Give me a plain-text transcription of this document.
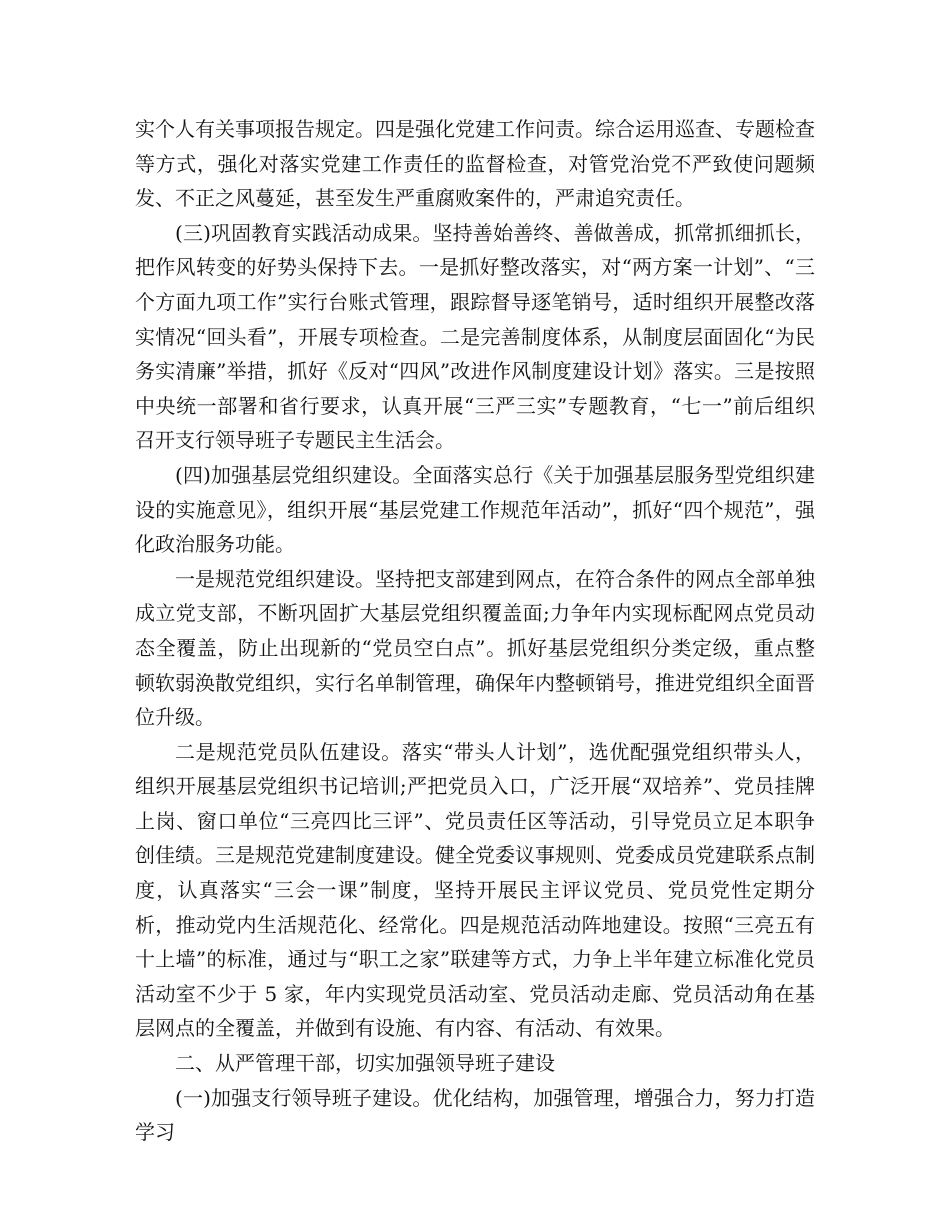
实个人有关事项报告规定。四是强化党建工作问责。综合运用巡查、专题检查等方式，强化对落实党建工作责任的监督检查，对管党治党不严致使问题频发、不正之风蔓延，甚至发生严重腐败案件的，严肃追究责任。

(三)巩固教育实践活动成果。坚持善始善终、善做善成，抓常抓细抓长，把作风转变的好势头保持下去。一是抓好整改落实，对“两方案一计划”、“三个方面九项工作”实行台账式管理，跟踪督导逐笔销号，适时组织开展整改落实情况“回头看”，开展专项检查。二是完善制度体系，从制度层面固化“为民务实清廉”举措，抓好《反对“四风”改进作风制度建设计划》落实。三是按照中央统一部署和省行要求，认真开展“三严三实”专题教育，“七一”前后组织召开支行领导班子专题民主生活会。

(四)加强基层党组织建设。全面落实总行《关于加强基层服务型党组织建设的实施意见》，组织开展“基层党建工作规范年活动”，抓好“四个规范”，强化政治服务功能。

一是规范党组织建设。坚持把支部建到网点，在符合条件的网点全部单独成立党支部，不断巩固扩大基层党组织覆盖面;力争年内实现标配网点党员动态全覆盖，防止出现新的“党员空白点”。抓好基层党组织分类定级，重点整顿软弱涣散党组织，实行名单制管理，确保年内整顿销号，推进党组织全面晋位升级。

二是规范党员队伍建设。落实“带头人计划”，选优配强党组织带头人，组织开展基层党组织书记培训;严把党员入口，广泛开展“双培养”、党员挂牌上岗、窗口单位“三亮四比三评”、党员责任区等活动，引导党员立足本职争创佳绩。三是规范党建制度建设。健全党委议事规则、党委成员党建联系点制度，认真落实“三会一课”制度，坚持开展民主评议党员、党员党性定期分析，推动党内生活规范化、经常化。四是规范活动阵地建设。按照“三亮五有十上墙”的标准，通过与“职工之家”联建等方式，力争上半年建立标准化党员活动室不少于 5 家，年内实现党员活动室、党员活动走廊、党员活动角在基层网点的全覆盖，并做到有设施、有内容、有活动、有效果。

二、从严管理干部，切实加强领导班子建设

(一)加强支行领导班子建设。优化结构，加强管理，增强合力，努力打造学习
